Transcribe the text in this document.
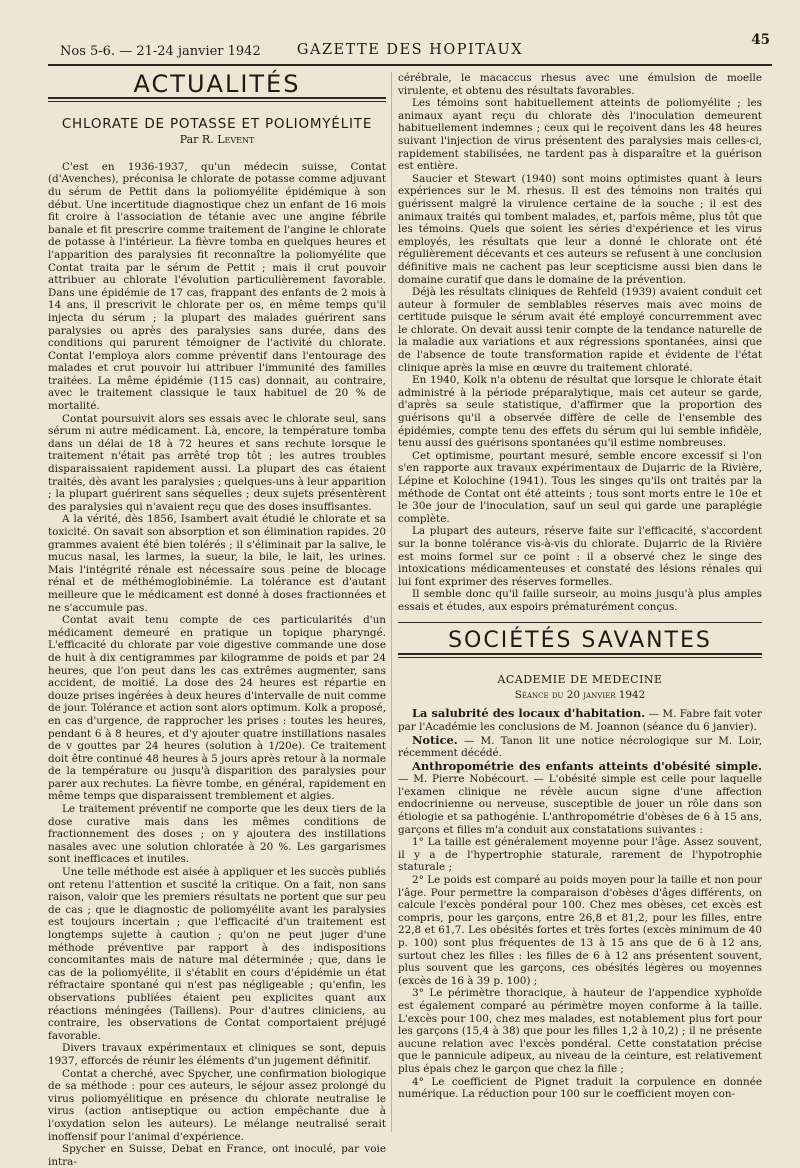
Nos 5-6. — 21-24 janvier 1942	GAZETTE DES HOPITAUX
45
ACTUALITÉS
CHLORATE DE POTASSE ET POLIOMYÉLITE
Par R. Levent

C'est en 1936-1937, qu'un médecin suisse, Contat (d'Avenches), préconisa le chlorate de potasse comme adjuvant du sérum de Pettit dans la poliomyélite épidémique à son début. Une incertitude diagnostique chez un enfant de 16 mois fit croire à l'association de tétanie avec une angine fébrile banale et fit prescrire comme traitement de l'angine le chlorate de potasse à l'intérieur. La fièvre tomba en quelques heures et l'apparition des paralysies fit reconnaître la poliomyélite que Contat traita par le sérum de Pettit ; mais il crut pouvoir attribuer au chlorate l'évolution particulièrement favorable. Dans une épidémie de 17 cas, frappant des enfants de 2 mois à 14 ans, il prescrivit le chlorate per os, en même temps qu'il injecta du sérum ; la plupart des malades guérirent sans paralysies ou après des paralysies sans durée, dans des conditions qui parurent témoigner de l'activité du chlorate. Contat l'employa alors comme préventif dans l'entourage des malades et crut pouvoir lui attribuer l'immunité des familles traitées. La même épidémie (115 cas) donnait, au contraire, avec le traitement classique le taux habituel de 20 % de mortalité.

Contat poursuivit alors ses essais avec le chlorate seul, sans sérum ni autre médicament. Là, encore, la température tomba dans un délai de 18 à 72 heures et sans rechute lorsque le traitement n'était pas arrêté trop tôt ; les autres troubles disparaissaient rapidement aussi. La plupart des cas étaient traités, dès avant les paralysies ; quelques-uns à leur apparition ; la plupart guérirent sans séquelles ; deux sujets présentèrent des paralysies qui n'avaient reçu que des doses insuffisantes.

A la vérité, dès 1856, Isambert avait étudié le chlorate et sa toxicité. On savait son absorption et son élimination rapides. 20 grammes avaient été bien tolérés ; il s'éliminait par la salive, le mucus nasal, les larmes, la sueur, la bile, le lait, les urines. Mais l'intégrité rénale est nécessaire sous peine de blocage rénal et de méthémoglobinémie. La tolérance est d'autant meilleure que le médicament est donné à doses fractionnées et ne s'accumule pas.

Contat avait tenu compte de ces particularités d'un médicament demeuré en pratique un topique pharyngé. L'efficacité du chlorate par voie digestive commande une dose de huit à dix centigrammes par kilogramme de poids et par 24 heures, que l'on peut dans les cas extrêmes augmenter, sans accident, de moitié. La dose des 24 heures est répartie en douze prises ingérées à deux heures d'intervalle de nuit comme de jour. Tolérance et action sont alors optimum. Kolk a proposé, en cas d'urgence, de rapprocher les prises : toutes les heures, pendant 6 à 8 heures, et d'y ajouter quatre instillations nasales de v gouttes par 24 heures (solution à 1/20e). Ce traitement doit être continué 48 heures à 5 jours après retour à la normale de la température ou jusqu'à disparition des paralysies pour parer aux rechutes. La fièvre tombe, en général, rapidement en même temps que disparaissent tremblement et algies.

Le traitement préventif ne comporte que les deux tiers de la dose curative mais dans les mêmes conditions de fractionnement des doses ; on y ajoutera des instillations nasales avec une solution chloratée à 20 %. Les gargarismes sont inefficaces et inutiles.

Une telle méthode est aisée à appliquer et les succès publiés ont retenu l'attention et suscité la critique. On a fait, non sans raison, valoir que les premiers résultats ne portent que sur peu de cas ; que le diagnostic de poliomyélite avant les paralysies est toujours incertain ; que l'efficacité d'un traitement est longtemps sujette à caution ; qu'on ne peut juger d'une méthode préventive par rapport à des indispositions concomitantes mais de nature mal déterminée ; que, dans le cas de la poliomyélite, il s'établit en cours d'épidémie un état réfractaire spontané qui n'est pas négligeable ; qu'enfin, les observations publiées étaient peu explicites quant aux réactions méningées (Taillens). Pour d'autres cliniciens, au contraire, les observations de Contat comportaient préjugé favorable.

Divers travaux expérimentaux et cliniques se sont, depuis 1937, efforcés de réunir les éléments d'un jugement définitif.

Contat a cherché, avec Spycher, une confirmation biologique de sa méthode : pour ces auteurs, le séjour assez prolongé du virus poliomyélitique en présence du chlorate neutralise le virus (action antiseptique ou action empêchante due à l'oxydation selon les auteurs). Le mélange neutralisé serait inoffensif pour l'animal d'expérience.

Spycher en Suisse, Debat en France, ont inoculé, par voie intra-

cérébrale, le macaccus rhesus avec une émulsion de moelle virulente, et obtenu des résultats favorables.

Les témoins sont habituellement atteints de poliomyélite ; les animaux ayant reçu du chlorate dès l'inoculation demeurent habituellement indemnes ; ceux qui le reçoivent dans les 48 heures suivant l'injection de virus présentent des paralysies mais celles-ci, rapidement stabilisées, ne tardent pas à disparaître et la guérison est entière.

Saucier et Stewart (1940) sont moins optimistes quant à leurs expériences sur le M. rhesus. Il est des témoins non traités qui guérissent malgré la virulence certaine de la souche ; il est des animaux traités qui tombent malades, et, parfois même, plus tôt que les témoins. Quels que soient les séries d'expérience et les virus employés, les résultats que leur a donné le chlorate ont été régulièrement décevants et ces auteurs se refusent à une conclusion définitive mais ne cachent pas leur scepticisme aussi bien dans le domaine curatif que dans le domaine de la prévention.

Déjà les résultats cliniques de Rehfeld (1939) avaient conduit cet auteur à formuler de semblables réserves mais avec moins de certitude puisque le sérum avait été employé concurremment avec le chlorate. On devait aussi tenir compte de la tendance naturelle de la maladie aux variations et aux régressions spontanées, ainsi que de l'absence de toute transformation rapide et évidente de l'état clinique après la mise en œuvre du traitement chloraté.

En 1940, Kolk n'a obtenu de résultat que lorsque le chlorate était administré à la période préparalytique, mais cet auteur se garde, d'après sa seule statistique, d'affirmer que la proportion des guérisons qu'il a observée diffère de celle de l'ensemble des épidémies, compte tenu des effets du sérum qui lui semble infidèle, tenu aussi des guérisons spontanées qu'il estime nombreuses.

Cet optimisme, pourtant mesuré, semble encore excessif si l'on s'en rapporte aux travaux expérimentaux de Dujarric de la Rivière, Lépine et Kolochine (1941). Tous les singes qu'ils ont traités par la méthode de Contat ont été atteints ; tous sont morts entre le 10e et le 30e jour de l'inoculation, sauf un seul qui garde une paraplégie complète.

La plupart des auteurs, réserve faite sur l'efficacité, s'accordent sur la bonne tolérance vis-à-vis du chlorate. Dujarric de la Rivière est moins formel sur ce point : il a observé chez le singe des intoxications médicamenteuses et constaté des lésions rénales qui lui font exprimer des réserves formelles.

Il semble donc qu'il faille surseoir, au moins jusqu'à plus amples essais et études, aux espoirs prématurément conçus.

SOCIÉTÉS SAVANTES
ACADEMIE DE MEDECINE
Séance du 20 janvier 1942

La salubrité des locaux d'habitation. — M. Fabre fait voter par l'Académie les conclusions de M. Joannon (séance du 6 janvier).

Notice. — M. Tanon lit une notice nécrologique sur M. Loir, récemment décédé.

Anthropométrie des enfants atteints d'obésité simple. — M. Pierre Nobécourt. — L'obésité simple est celle pour laquelle l'examen clinique ne révèle aucun signe d'une affection endocrinienne ou nerveuse, susceptible de jouer un rôle dans son étiologie et sa pathogénie. L'anthropométrie d'obèses de 6 à 15 ans, garçons et filles m'a conduit aux constatations suivantes :

1° La taille est généralement moyenne pour l'âge. Assez souvent, il y a de l'hypertrophie staturale, rarement de l'hypotrophie staturale ;

2° Le poids est comparé au poids moyen pour la taille et non pour l'âge. Pour permettre la comparaison d'obèses d'âges différents, on calcule l'excès pondéral pour 100. Chez mes obèses, cet excès est compris, pour les garçons, entre 26,8 et 81,2, pour les filles, entre 22,8 et 61,7. Les obésités fortes et très fortes (excès minimum de 40 p. 100) sont plus fréquentes de 13 à 15 ans que de 6 à 12 ans, surtout chez les filles : les filles de 6 à 12 ans présentent souvent, plus souvent que les garçons, ces obésités légères ou moyennes (excès de 16 à 39 p. 100) ;

3° Le périmètre thoracique, à hauteur de l'appendice xyphoïde est également comparé au périmètre moyen conforme à la taille. L'excès pour 100, chez mes malades, est notablement plus fort pour les garçons (15,4 à 38) que pour les filles 1,2 à 10,2) ; il ne présente aucune relation avec l'excès pondéral. Cette constatation précise que le pannicule adipeux, au niveau de la ceinture, est relativement plus épais chez le garçon que chez la fille ;

4° Le coefficient de Pignet traduit la corpulence en donnée numérique. La réduction pour 100 sur le coefficient moyen con-
